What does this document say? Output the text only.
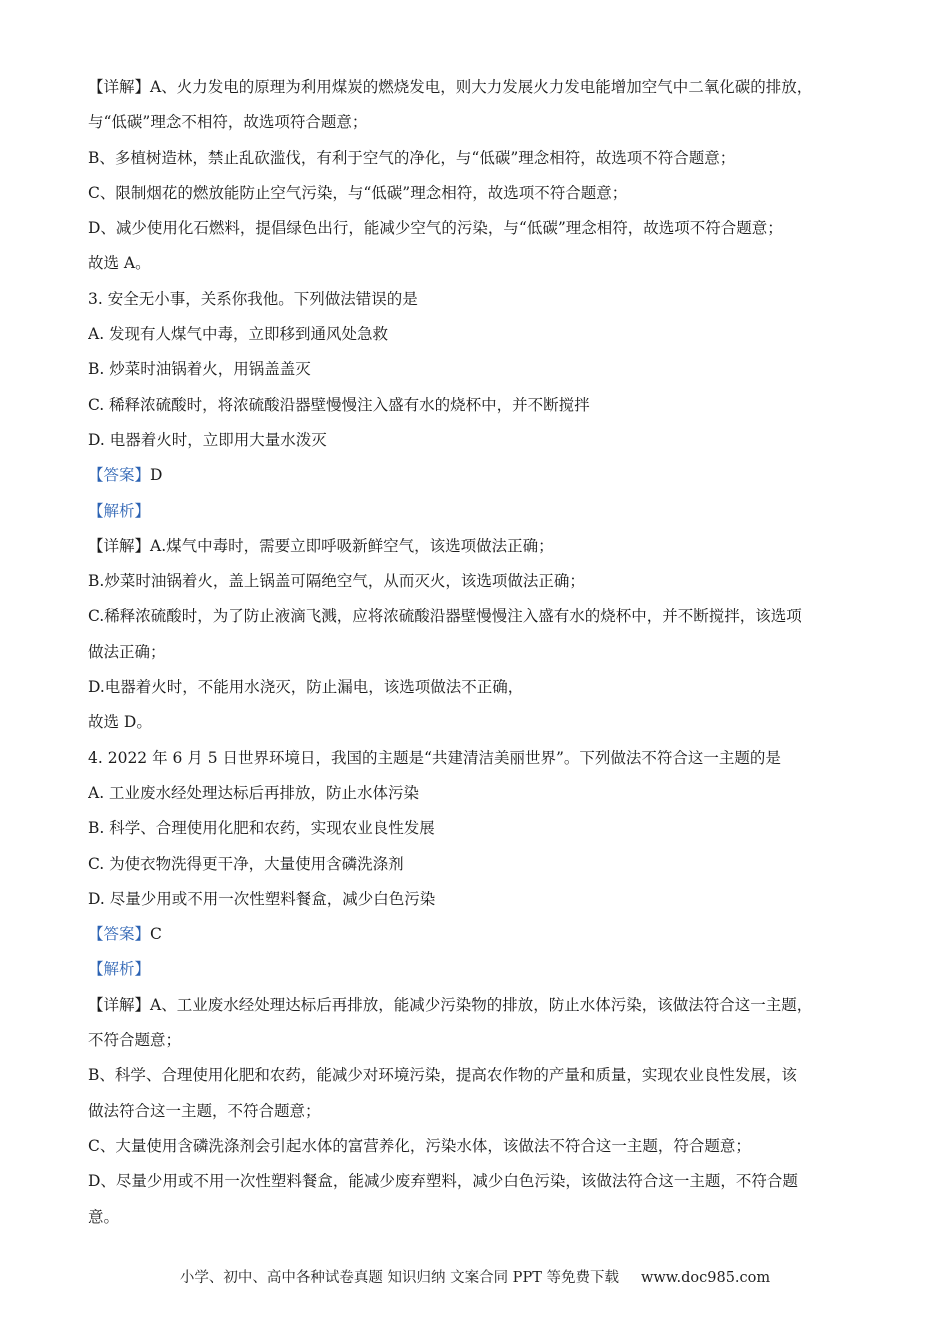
【详解】A、火力发电的原理为利用煤炭的燃烧发电，则大力发展火力发电能增加空气中二氧化碳的排放，
与“低碳”理念不相符，故选项符合题意；
B、多植树造林，禁止乱砍滥伐，有利于空气的净化，与“低碳”理念相符，故选项不符合题意；
C、限制烟花的燃放能防止空气污染，与“低碳”理念相符，故选项不符合题意；
D、减少使用化石燃料，提倡绿色出行，能减少空气的污染，与“低碳”理念相符，故选项不符合题意；
故选 A。
3. 安全无小事，关系你我他。下列做法错误的是
A. 发现有人煤气中毒，立即移到通风处急救
B. 炒菜时油锅着火，用锅盖盖灭
C. 稀释浓硫酸时，将浓硫酸沿器壁慢慢注入盛有水的烧杯中，并不断搅拌
D. 电器着火时，立即用大量水泼灭
【答案】D
【解析】
【详解】A.煤气中毒时，需要立即呼吸新鲜空气，该选项做法正确；
B.炒菜时油锅着火，盖上锅盖可隔绝空气，从而灭火，该选项做法正确；
C.稀释浓硫酸时，为了防止液滴飞溅，应将浓硫酸沿器壁慢慢注入盛有水的烧杯中，并不断搅拌，该选项
做法正确；
D.电器着火时，不能用水浇灭，防止漏电，该选项做法不正确，
故选 D。
4. 2022 年 6 月 5 日世界环境日，我国的主题是“共建清洁美丽世界”。下列做法不符合这一主题的是
A. 工业废水经处理达标后再排放，防止水体污染
B. 科学、合理使用化肥和农药，实现农业良性发展
C. 为使衣物洗得更干净，大量使用含磷洗涤剂
D. 尽量少用或不用一次性塑料餐盒，减少白色污染
【答案】C
【解析】
【详解】A、工业废水经处理达标后再排放，能减少污染物的排放，防止水体污染，该做法符合这一主题，
不符合题意；
B、科学、合理使用化肥和农药，能减少对环境污染，提高农作物的产量和质量，实现农业良性发展，该
做法符合这一主题，不符合题意；
C、大量使用含磷洗涤剂会引起水体的富营养化，污染水体，该做法不符合这一主题，符合题意；
D、尽量少用或不用一次性塑料餐盒，能减少废弃塑料，减少白色污染，该做法符合这一主题，不符合题
意。
小学、初中、高中各种试卷真题 知识归纳 文案合同 PPT 等免费下载 www.doc985.com
